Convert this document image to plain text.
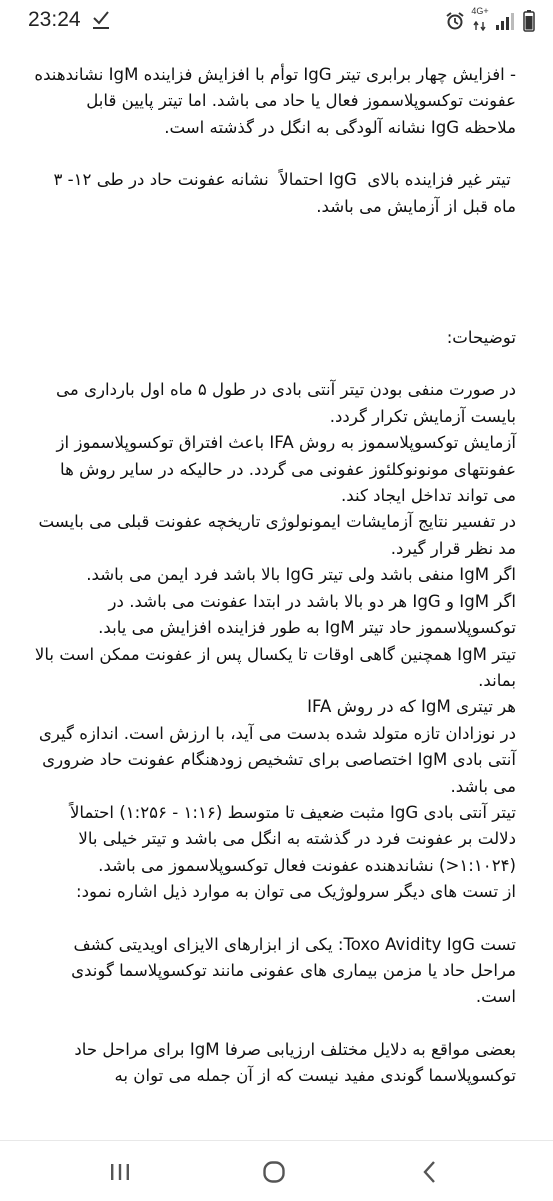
23:24	4G+

- افزایش چهار برابری تیتر IgG توأم با افزایش فزاینده IgM نشاندهنده عفونت توکسوپلاسموز فعال یا حاد می باشد. اما تیتر پایین قابل ملاحظه IgG نشانه آلودگی به انگل در گذشته است.

تیتر غیر فزاینده بالای  IgG احتمالاً  نشانه عفونت حاد در طی ۱۲- ۳ ماه قبل از آزمایش می باشد.

توضیحات:

در صورت منفی بودن تیتر آنتی بادی در طول ۵ ماه اول بارداری می بایست آزمایش تکرار گردد.

آزمایش توکسوپلاسموز به روش IFA باعث افتراق توکسوپلاسموز از عفونتهای مونونوکلئوز عفونی می گردد. در حالیکه در سایر روش ها می تواند تداخل ایجاد کند.

در تفسیر نتایج آزمایشات ایمونولوژی تاریخچه عفونت قبلی می بایست مد نظر قرار گیرد.

اگر IgM منفی باشد ولی تیتر IgG بالا باشد فرد ایمن می باشد.

اگر IgM و IgG هر دو بالا باشد در ابتدا عفونت می باشد. در توکسوپلاسموز حاد تیتر IgM به طور فزاینده افزایش می یابد.

تیتر IgM همچنین گاهی اوقات تا یکسال پس از عفونت ممکن است بالا بماند.

هر تیتری IgM که در روش IFA

در نوزادان تازه متولد شده بدست می آید، با ارزش است. اندازه گیری آنتی بادی IgM اختصاصی برای تشخیص زودهنگام عفونت حاد ضروری می باشد.

تیتر آنتی بادی IgG مثبت ضعیف تا متوسط (۱:۱۶ - ۱:۲۵۶) احتمالاً دلالت بر عفونت فرد در گذشته به انگل می باشد و تیتر خیلی بالا (۱:۱۰۲۴<) نشاندهنده عفونت فعال توکسوپلاسموز می باشد.

از تست های دیگر سرولوژیک می توان به موارد ذیل اشاره نمود:

تست Toxo Avidity IgG: یکی از ابزارهای الایزای اویدیتی کشف مراحل حاد یا مزمن بیماری های عفونی مانند توکسوپلاسما گوندی است.

بعضی مواقع به دلایل مختلف ارزیابی صرفا IgM برای مراحل حاد توکسوپلاسما گوندی مفید نیست که از آن جمله می توان به
